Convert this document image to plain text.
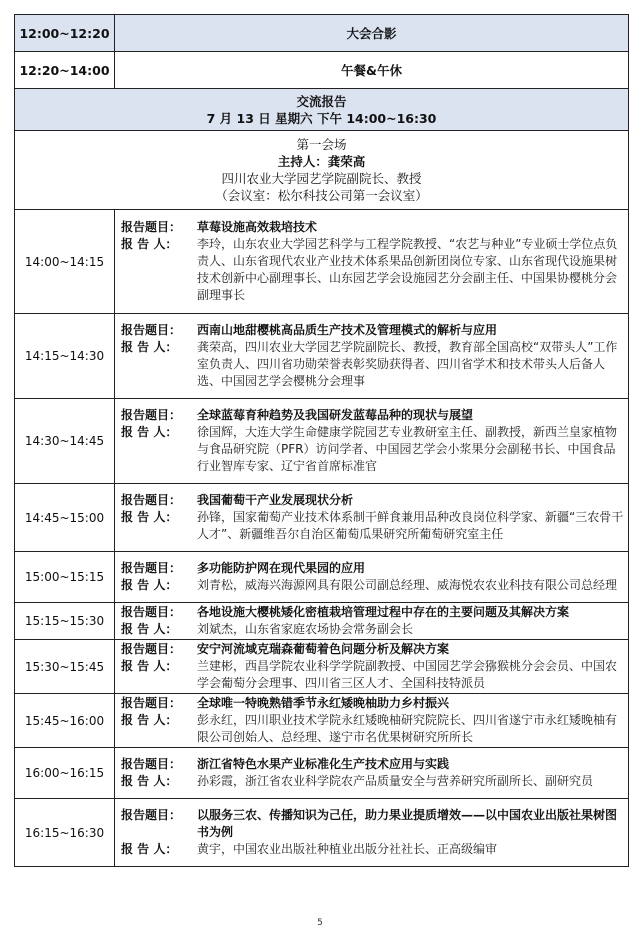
12:00~12:20	大会合影
12:20~14:00	午餐&午休

交流报告
7 月 13 日 星期六 下午 14:00~16:30	

第一会场
主持人：龚荣高
四川农业大学园艺学院副院长、教授
（会议室：松尔科技公司第一会议室）	

14:00~14:15	报告题目： 草莓设施高效栽培技术
报 告 人： 李玲，山东农业大学园艺科学与工程学院教授、“农艺与种业”专业硕士学位点负责人、山东省现代农业产业技术体系果品创新团岗位专家、山东省现代设施果树技术创新中心副理事长、山东园艺学会设施园艺分会副主任、中国果协樱桃分会副理事长

14:15~14:30	报告题目： 西南山地甜樱桃高品质生产技术及管理模式的解析与应用
报 告 人： 龚荣高，四川农业大学园艺学院副院长、教授，教育部全国高校“双带头人”工作室负责人、四川省功勋荣誉表彰奖励获得者、四川省学术和技术带头人后备人选、中国园艺学会樱桃分会理事

14:30~14:45	报告题目： 全球蓝莓育种趋势及我国研发蓝莓品种的现状与展望
报 告 人： 徐国辉，大连大学生命健康学院园艺专业教研室主任、副教授，新西兰皇家植物与食品研究院（PFR）访问学者、中国园艺学会小浆果分会副秘书长、中国食品行业智库专家、辽宁省首席标准官

14:45~15:00	报告题目： 我国葡萄干产业发展现状分析
报 告 人： 孙锋，国家葡萄产业技术体系制干鲜食兼用品种改良岗位科学家、新疆“三农骨干人才”、新疆维吾尔自治区葡萄瓜果研究所葡萄研究室主任

15:00~15:15	报告题目： 多功能防护网在现代果园的应用
报 告 人： 刘青松，威海兴海源网具有限公司副总经理、威海悦农农业科技有限公司总经理

15:15~15:30	报告题目： 各地设施大樱桃矮化密植栽培管理过程中存在的主要问题及其解决方案
报 告 人： 刘斌杰，山东省家庭农场协会常务副会长

15:30~15:45	报告题目： 安宁河流域克瑞森葡萄着色问题分析及解决方案
报 告 人： 兰建彬，西昌学院农业科学学院副教授、中国园艺学会猕猴桃分会会员、中国农学会葡萄分会理事、四川省三区人才、全国科技特派员

15:45~16:00	报告题目： 全球唯一特晚熟错季节永红矮晚柚助力乡村振兴
报 告 人： 彭永红，四川职业技术学院永红矮晚柚研究院院长、四川省遂宁市永红矮晚柚有限公司创始人、总经理、遂宁市名优果树研究所所长

16:00~16:15	报告题目： 浙江省特色水果产业标准化生产技术应用与实践
报 告 人： 孙彩霞，浙江省农业科学院农产品质量安全与营养研究所副所长、副研究员

16:15~16:30	报告题目： 以服务三农、传播知识为己任，助力果业提质增效——以中国农业出版社果树图书为例
报 告 人： 黄宇，中国农业出版社种植业出版分社社长、正高级编审
5
